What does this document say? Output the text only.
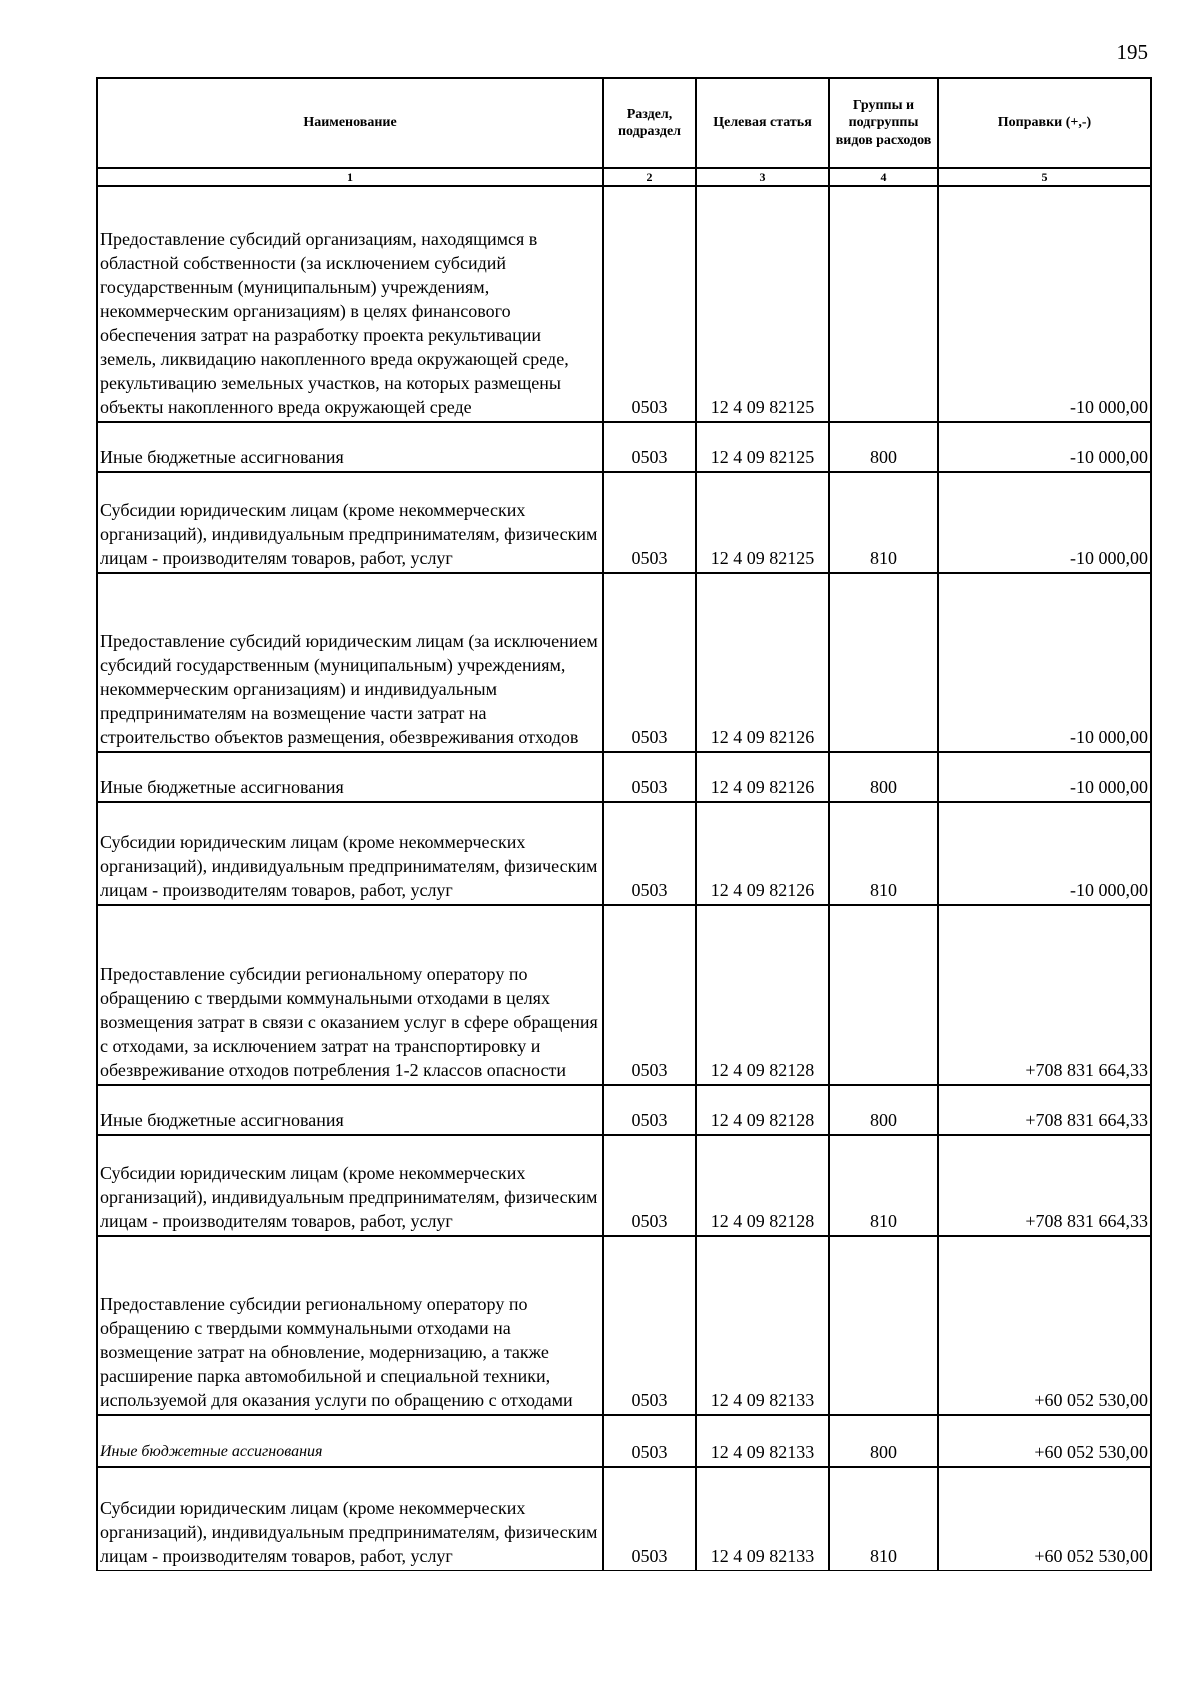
195
Наименование	Раздел, подраздел	Целевая статья	Группы и подгруппы видов расходов	Поправки (+,-)
1	2	3	4	5
Предоставление субсидий организациям, находящимся в областной собственности (за исключением субсидий государственным (муниципальным) учреждениям, некоммерческим организациям) в целях финансового обеспечения затрат на разработку проекта рекультивации земель, ликвидацию накопленного вреда окружающей среде, рекультивацию земельных участков, на которых размещены объекты накопленного вреда окружающей среде	0503	12 4 09 82125		-10 000,00
Иные бюджетные ассигнования	0503	12 4 09 82125	800	-10 000,00
Субсидии юридическим лицам (кроме некоммерческих организаций), индивидуальным предпринимателям, физическим лицам - производителям товаров, работ, услуг	0503	12 4 09 82125	810	-10 000,00
Предоставление субсидий юридическим лицам (за исключением субсидий государственным (муниципальным) учреждениям, некоммерческим организациям) и индивидуальным предпринимателям на возмещение части затрат на строительство объектов размещения, обезвреживания отходов	0503	12 4 09 82126		-10 000,00
Иные бюджетные ассигнования	0503	12 4 09 82126	800	-10 000,00
Субсидии юридическим лицам (кроме некоммерческих организаций), индивидуальным предпринимателям, физическим лицам - производителям товаров, работ, услуг	0503	12 4 09 82126	810	-10 000,00
Предоставление субсидии региональному оператору по обращению с твердыми коммунальными отходами в целях возмещения затрат в связи с оказанием услуг в сфере обращения с отходами, за исключением затрат на транспортировку и обезвреживание отходов потребления 1-2 классов опасности	0503	12 4 09 82128		+708 831 664,33
Иные бюджетные ассигнования	0503	12 4 09 82128	800	+708 831 664,33
Субсидии юридическим лицам (кроме некоммерческих организаций), индивидуальным предпринимателям, физическим лицам - производителям товаров, работ, услуг	0503	12 4 09 82128	810	+708 831 664,33
Предоставление субсидии региональному оператору по обращению с твердыми коммунальными отходами на возмещение затрат на обновление, модернизацию, а также расширение парка автомобильной и специальной техники, используемой для оказания услуги по обращению с отходами	0503	12 4 09 82133		+60 052 530,00
Иные бюджетные ассигнования	0503	12 4 09 82133	800	+60 052 530,00
Субсидии юридическим лицам (кроме некоммерческих организаций), индивидуальным предпринимателям, физическим лицам - производителям товаров, работ, услуг	0503	12 4 09 82133	810	+60 052 530,00
